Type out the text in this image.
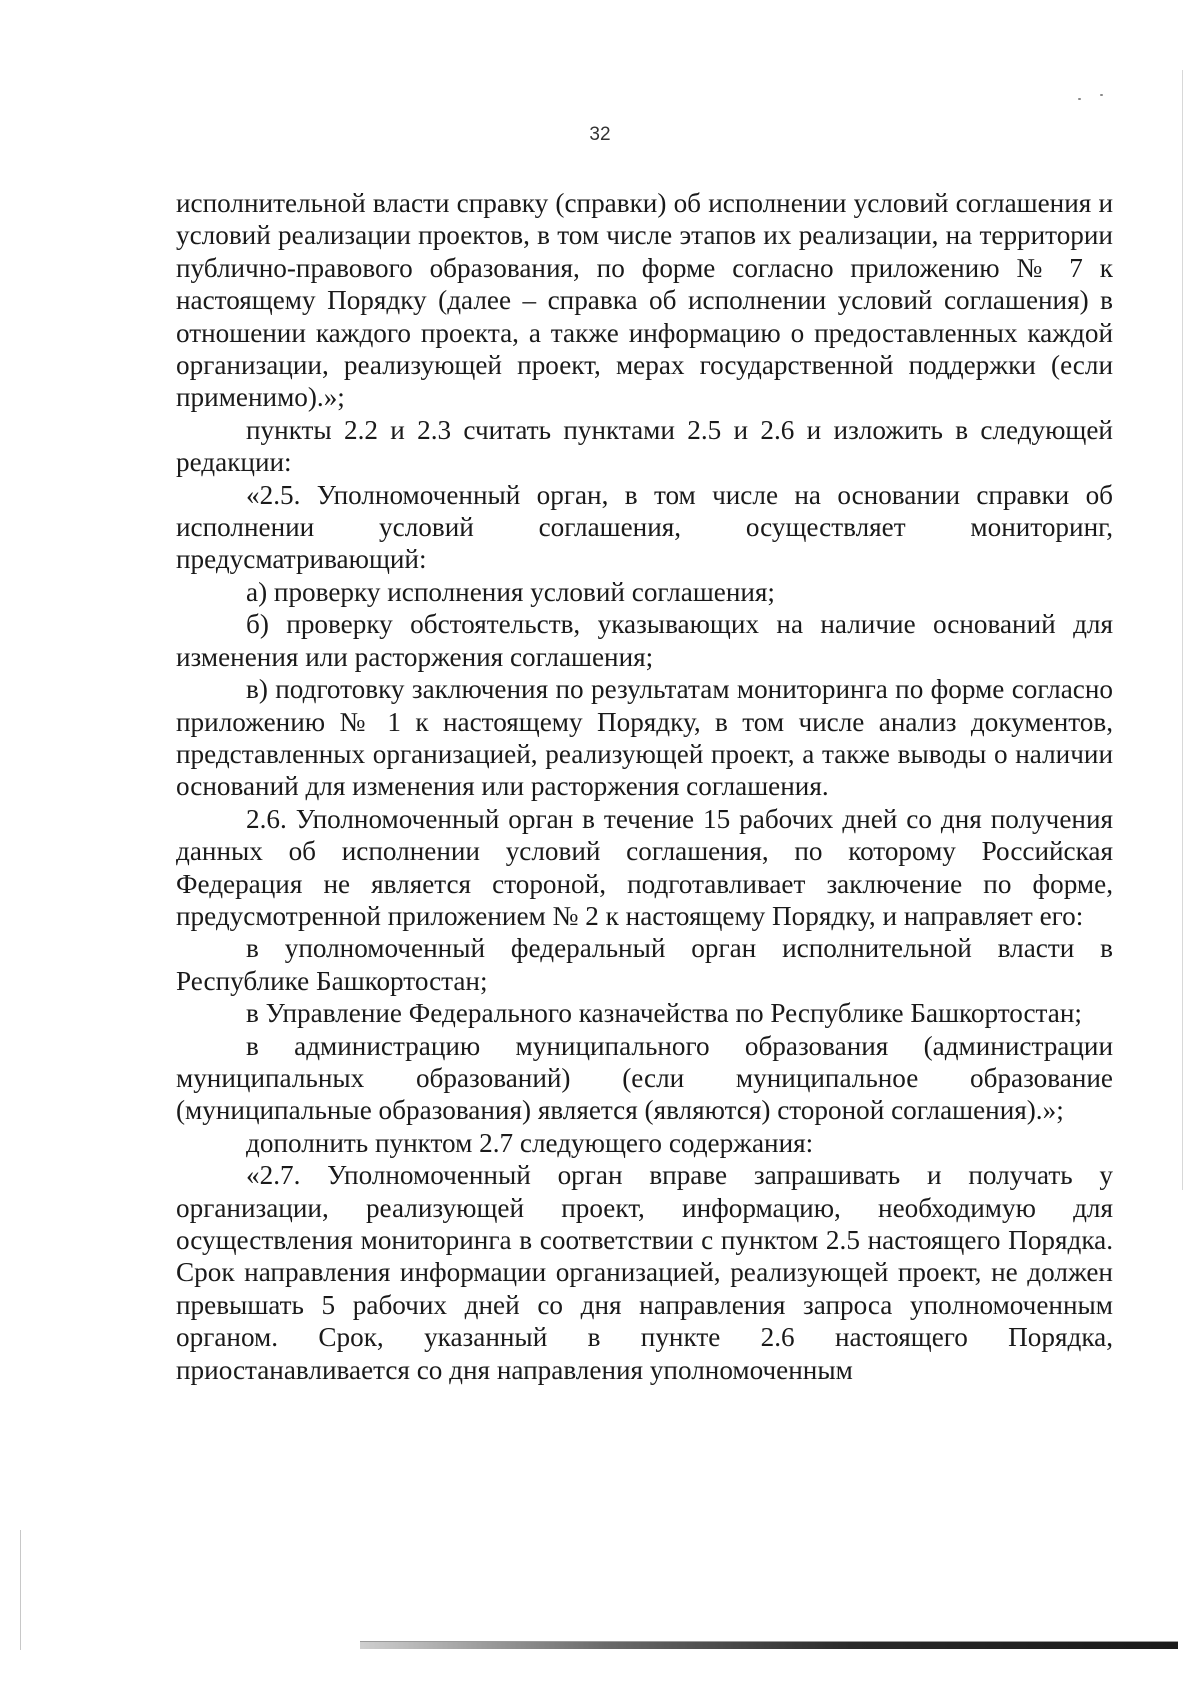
32

исполнительной власти справку (справки) об исполнении условий соглашения и условий реализации проектов, в том числе этапов их реализации, на территории публично-правового образования, по форме согласно приложению № 7 к настоящему Порядку (далее – справка об исполнении условий соглашения) в отношении каждого проекта, а также информацию о предоставленных каждой организации, реализующей проект, мерах государственной поддержки (если применимо).»;

пункты 2.2 и 2.3 считать пунктами 2.5 и 2.6 и изложить в следующей редакции:

«2.5. Уполномоченный орган, в том числе на основании справки об исполнении условий соглашения, осуществляет мониторинг, предусматривающий:

а) проверку исполнения условий соглашения;

б) проверку обстоятельств, указывающих на наличие оснований для изменения или расторжения соглашения;

в) подготовку заключения по результатам мониторинга по форме согласно приложению № 1 к настоящему Порядку, в том числе анализ документов, представленных организацией, реализующей проект, а также выводы о наличии оснований для изменения или расторжения соглашения.

2.6. Уполномоченный орган в течение 15 рабочих дней со дня получения данных об исполнении условий соглашения, по которому Российская Федерация не является стороной, подготавливает заключение по форме, предусмотренной приложением № 2 к настоящему Порядку, и направляет его:

в уполномоченный федеральный орган исполнительной власти в Республике Башкортостан;

в Управление Федерального казначейства по Республике Башкортостан;

в администрацию муниципального образования (администрации муниципальных образований) (если муниципальное образование (муниципальные образования) является (являются) стороной соглашения).»;

дополнить пунктом 2.7 следующего содержания:

«2.7. Уполномоченный орган вправе запрашивать и получать у организации, реализующей проект, информацию, необходимую для осуществления мониторинга в соответствии с пунктом 2.5 настоящего Порядка. Срок направления информации организацией, реализующей проект, не должен превышать 5 рабочих дней со дня направления запроса уполномоченным органом. Срок, указанный в пункте 2.6 настоящего Порядка, приостанавливается со дня направления уполномоченным
